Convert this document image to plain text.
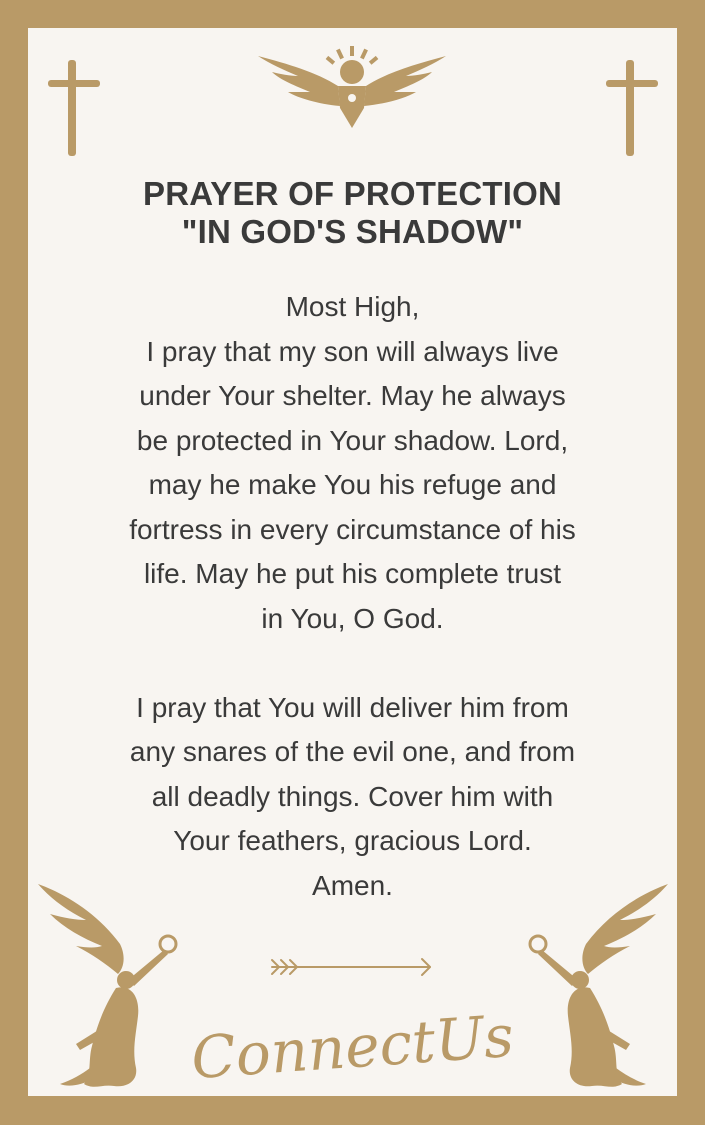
PRAYER OF PROTECTION
"IN GOD'S SHADOW"
Most High,
I pray that my son will always live
under Your shelter. May he always
be protected in Your shadow. Lord,
may he make You his refuge and
fortress in every circumstance of his
life. May he put his complete trust
in You, O God.
I pray that You will deliver him from
any snares of the evil one, and from
all deadly things. Cover him with
Your feathers, gracious Lord.
Amen.
ConnectUs
